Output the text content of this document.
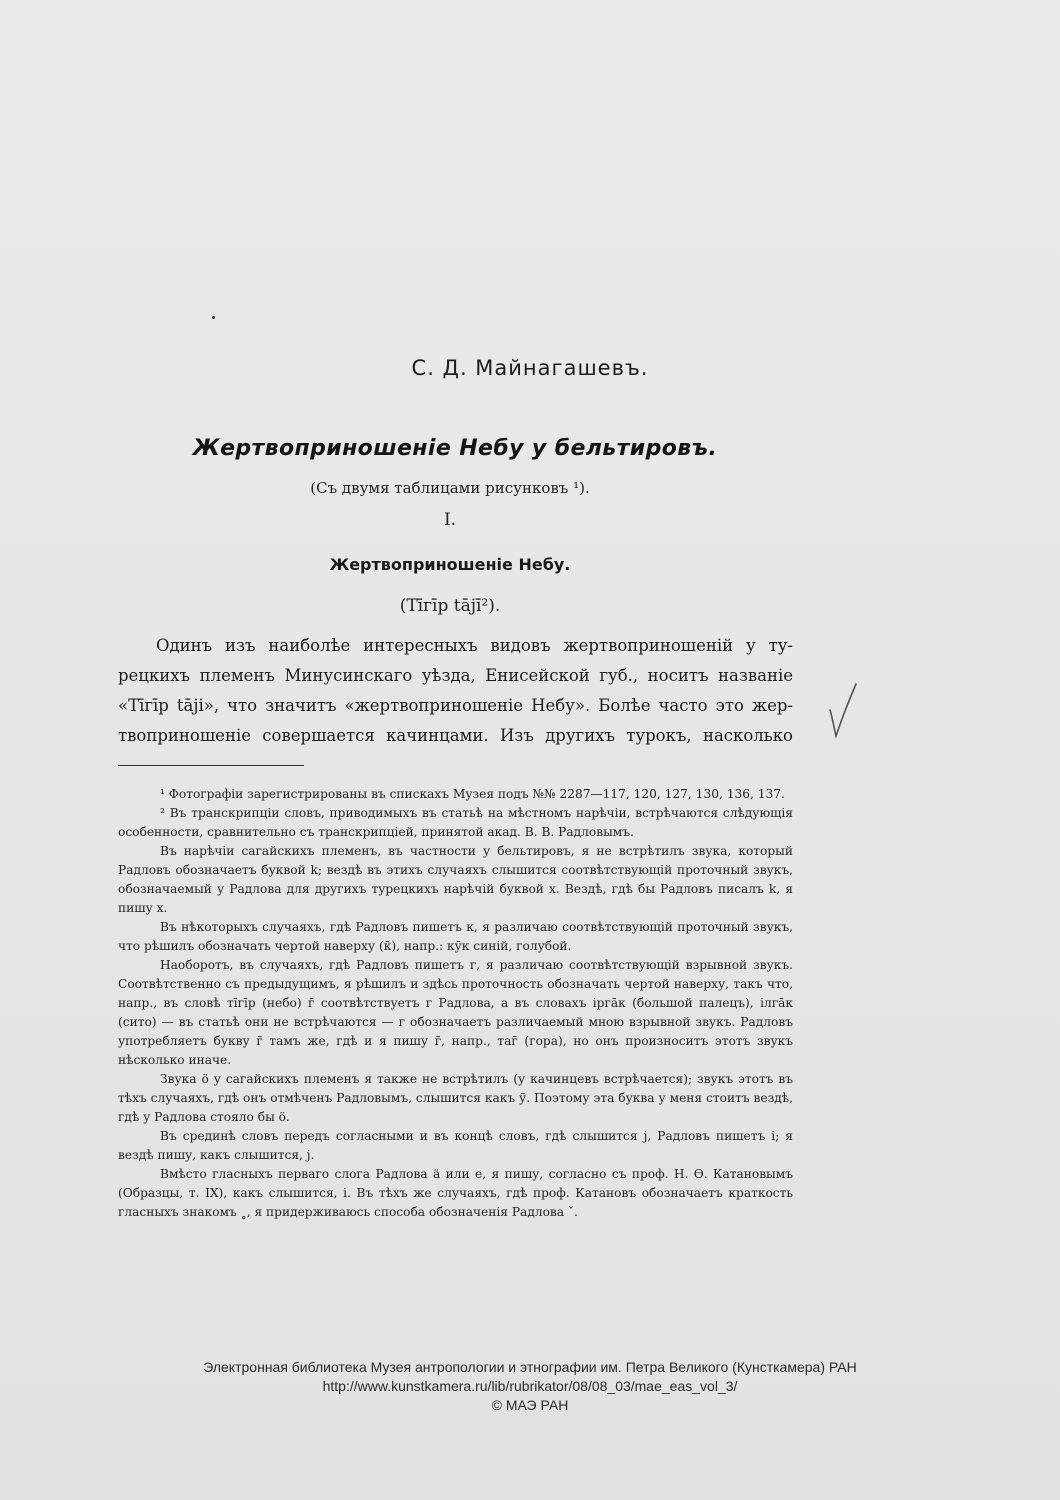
С. Д. Майнагашевъ.
Жертвоприношеніе Небу у бельтировъ.
(Съ двумя таблицами рисунковъ ¹).
I.
Жертвоприношеніе Небу.
(Tīгīр tājī²).

Одинъ изъ наиболѣе интересныхъ видовъ жертвоприношеній у ту-

рецкихъ племенъ Минусинскаго уѣзда, Енисейской губ., носитъ названіе

«Tīгīр tājі», что значитъ «жертвоприношеніе Небу». Болѣе часто это жер-

твоприношеніе совершается качинцами. Изъ другихъ турокъ, насколько

¹ Фотографіи зарегистрированы въ спискахъ Музея подъ №№ 2287—117, 120, 127, 130, 136, 137.

² Въ транскрипціи словъ, приводимыхъ въ статьѣ на мѣстномъ нарѣчіи, встрѣчаются слѣдующія особенности, сравнительно съ транскрипціей, принятой акад. В. В. Радловымъ.

Въ нарѣчіи сагайскихъ племенъ, въ частности у бельтировъ, я не встрѣтилъ звука, который Радловъ обозначаетъ буквой k; вездѣ въ этихъ случаяхъ слышится соотвѣтствующій проточный звукъ, обозначаемый у Радлова для другихъ турецкихъ нарѣчій буквой х. Вездѣ, гдѣ бы Радловъ писалъ k, я пишу х.

Въ нѣкоторыхъ случаяхъ, гдѣ Радловъ пишетъ к, я различаю соотвѣтствующій проточный звукъ, что рѣшилъ обозначать чертой наверху (к̄), напр.: кӯк синій, голубой.

Наоборотъ, въ случаяхъ, гдѣ Радловъ пишетъ г, я различаю соотвѣтствующій взрывной звукъ. Соотвѣтственно съ предыдущимъ, я рѣшилъ и здѣсь проточность обозначать чертой наверху, такъ что, напр., въ словѣ тīгīр (небо) г̄ соотвѣтствуетъ г Радлова, а въ словахъ ірга̄к (большой палецъ), ілга̄к (сито) — въ статьѣ они не встрѣчаются — г обозначаетъ различаемый мною взрывной звукъ. Радловъ употребляетъ букву г̄ тамъ же, гдѣ и я пишу г̄, напр., таг̄ (гора), но онъ произноситъ этотъ звукъ нѣсколько иначе.

Звука ö у сагайскихъ племенъ я также не встрѣтилъ (у качинцевъ встрѣчается); звукъ этотъ въ тѣхъ случаяхъ, гдѣ онъ отмѣченъ Радловымъ, слышится какъ ӯ. Поэтому эта буква у меня стоитъ вездѣ, гдѣ у Радлова стояло бы ö.

Въ срединѣ словъ передъ согласными и въ концѣ словъ, гдѣ слышится j, Радловъ пишетъ і; я вездѣ пишу, какъ слышится, j.

Вмѣсто гласныхъ перваго слога Радлова ä или е, я пишу, согласно съ проф. Н. Ѳ. Катановымъ (Образцы, т. IX), какъ слышится, і. Въ тѣхъ же случаяхъ, гдѣ проф. Катановъ обозначаетъ краткость гласныхъ знакомъ ˳, я придерживаюсь способа обозначенія Радлова ˇ.

Электронная библиотека Музея антропологии и этнографии им. Петра Великого (Кунсткамера) РАН
http://www.kunstkamera.ru/lib/rubrikator/08/08_03/mae_eas_vol_3/
© МАЭ РАН
